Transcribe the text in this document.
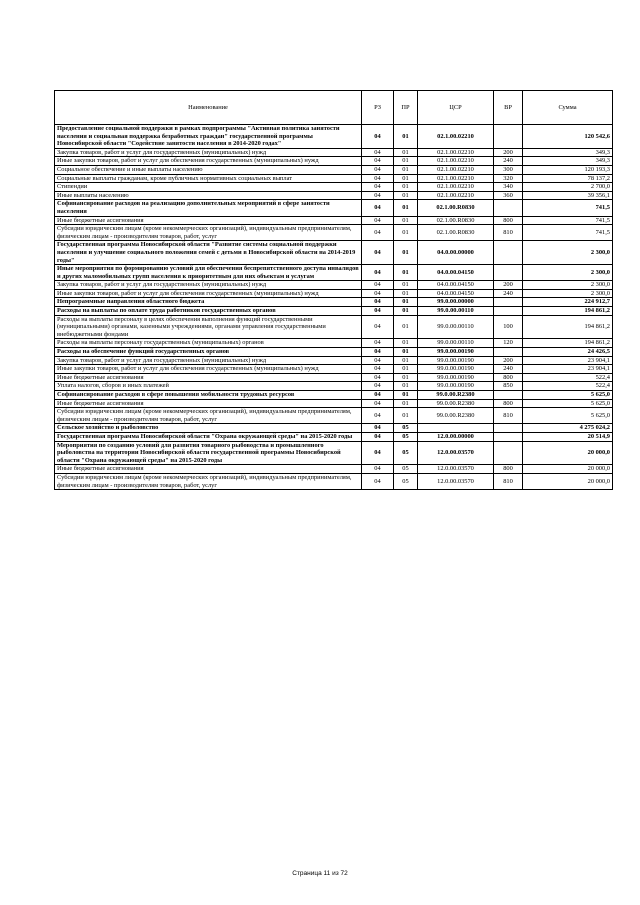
Наименование	РЗ	ПР	ЦСР	ВР	Сумма
Предоставление социальной поддержки в рамках подпрограммы "Активная политика занятости населения и социальная поддержка безработных граждан" государственной программы Новосибирской области "Содействие занятости населения в 2014-2020 годах"	04	01	02.1.00.02210		120 542,6
Закупка товаров, работ и услуг для государственных (муниципальных) нужд	04	01	02.1.00.02210	200	349,3
Иные закупки товаров, работ и услуг для обеспечения государственных (муниципальных) нужд	04	01	02.1.00.02210	240	349,3
Социальное обеспечение и иные выплаты населению	04	01	02.1.00.02210	300	120 193,3
Социальные выплаты гражданам, кроме публичных нормативных социальных выплат	04	01	02.1.00.02210	320	78 137,2
Стипендии	04	01	02.1.00.02210	340	2 700,0
Иные выплаты населению	04	01	02.1.00.02210	360	39 356,1
Софинансирование расходов на реализацию дополнительных мероприятий в сфере занятости населения	04	01	02.1.00.R0830		741,5
Иные бюджетные ассигнования	04	01	02.1.00.R0830	800	741,5
Субсидии юридическим лицам (кроме некоммерческих организаций), индивидуальным предпринимателям, физическим лицам - производителям товаров, работ, услуг	04	01	02.1.00.R0830	810	741,5
Государственная программа Новосибирской области "Развитие системы социальной поддержки населения и улучшение социального положения семей с детьми в Новосибирской области на 2014-2019 годы"	04	01	04.0.00.00000		2 300,0
Иные мероприятия по формированию условий для обеспечения беспрепятственного доступа инвалидов и других маломобильных групп населения к приоритетным для них объектам и услугам	04	01	04.0.00.04150		2 300,0
Закупка товаров, работ и услуг для государственных (муниципальных) нужд	04	01	04.0.00.04150	200	2 300,0
Иные закупки товаров, работ и услуг для обеспечения государственных (муниципальных) нужд	04	01	04.0.00.04150	240	2 300,0
Непрограммные направления областного бюджета	04	01	99.0.00.00000		224 912,7
Расходы на выплаты по оплате труда работников государственных органов	04	01	99.0.00.00110		194 861,2
Расходы на выплаты персоналу в целях обеспечения выполнения функций государственными (муниципальными) органами, казенными учреждениями, органами управления государственными внебюджетными фондами	04	01	99.0.00.00110	100	194 861,2
Расходы на выплаты персоналу государственных (муниципальных) органов	04	01	99.0.00.00110	120	194 861,2
Расходы на обеспечение функций государственных органов	04	01	99.0.00.00190		24 426,5
Закупка товаров, работ и услуг для государственных (муниципальных) нужд	04	01	99.0.00.00190	200	23 904,1
Иные закупки товаров, работ и услуг для обеспечения государственных (муниципальных) нужд	04	01	99.0.00.00190	240	23 904,1
Иные бюджетные ассигнования	04	01	99.0.00.00190	800	522,4
Уплата налогов, сборов и иных платежей	04	01	99.0.00.00190	850	522,4
Софинансирование расходов в сфере повышения мобильности трудовых ресурсов	04	01	99.0.00.R2380		5 625,0
Иные бюджетные ассигнования	04	01	99.0.00.R2380	800	5 625,0
Субсидии юридическим лицам (кроме некоммерческих организаций), индивидуальным предпринимателям, физическим лицам - производителям товаров, работ, услуг	04	01	99.0.00.R2380	810	5 625,0
Сельское хозяйство и рыболовство	04	05			4 275 024,2
Государственная программа Новосибирской области "Охрана окружающей среды" на 2015-2020 годы	04	05	12.0.00.00000		20 514,9
Мероприятия по созданию условий для развития товарного рыбоводства и промышленного рыболовства на территории Новосибирской области государственной программы Новосибирской области "Охрана окружающей среды" на 2015-2020 годы	04	05	12.0.00.03570		20 000,0
Иные бюджетные ассигнования	04	05	12.0.00.03570	800	20 000,0
Субсидии юридическим лицам (кроме некоммерческих организаций), индивидуальным предпринимателям, физическим лицам - производителям товаров, работ, услуг	04	05	12.0.00.03570	810	20 000,0
Страница 11 из 72
